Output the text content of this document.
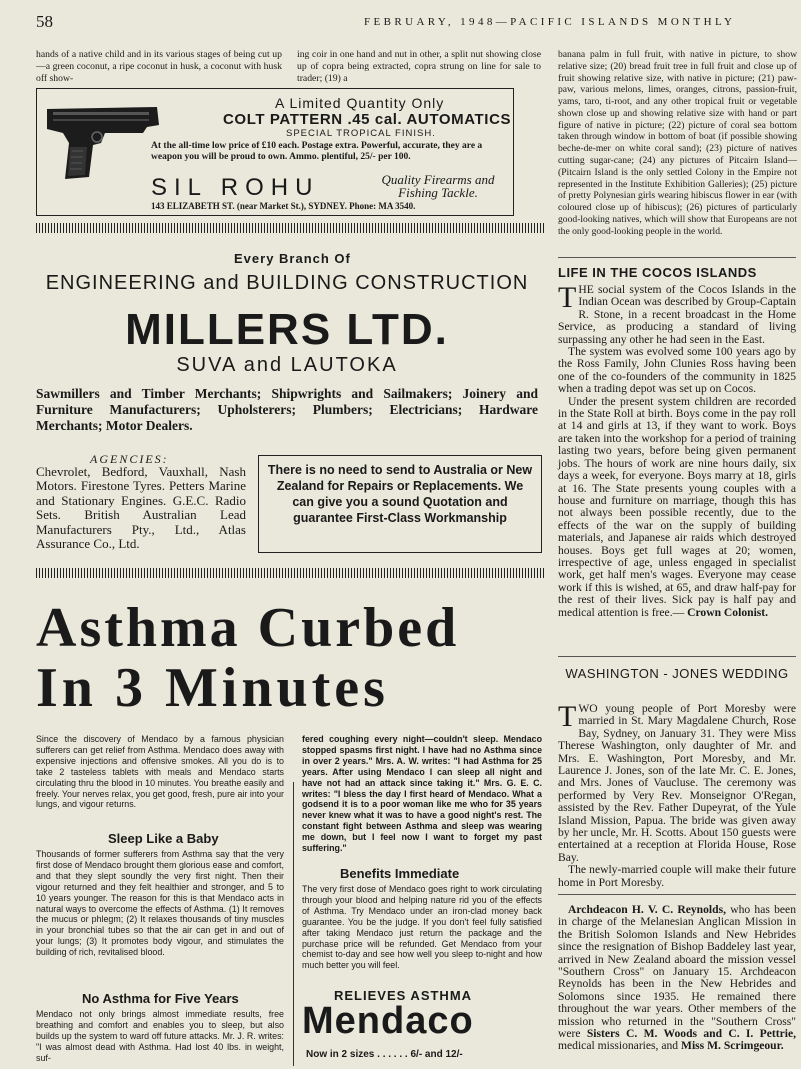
58	FEBRUARY, 1948—PACIFIC ISLANDS MONTHLY
hands of a native child and in its various stages of being cut up—a green coconut, a ripe coconut in husk, a coconut with husk off show-
ing coir in one hand and nut in other, a split nut showing close up of copra being extracted, copra strung on line for sale to trader; (19) a
banana palm in full fruit, with native in picture, to show relative size; (20) bread fruit tree in full fruit and close up of fruit showing relative size, with native in picture; (21) paw-paw, various melons, limes, oranges, citrons, passion-fruit, yams, taro, ti-root, and any other tropical fruit or vegetable shown close up and showing relative size with hand or part figure of native in picture; (22) picture of coral sea bottom taken through window in bottom of boat (if possible showing beche-de-mer on white coral sand); (23) picture of natives cutting sugar-cane; (24) any pictures of Pitcairn Island—(Pitcairn Island is the only settled Colony in the Empire not represented in the Institute Exhibition Galleries); (25) picture of pretty Polynesian girls wearing hibiscus flower in ear (with coloured close up of hibiscus); (26) pictures of particularly good-looking natives, which will show that Europeans are not the only good-looking people in the world.
A Limited Quantity Only
COLT PATTERN .45 cal. AUTOMATICS
SPECIAL TROPICAL FINISH.
At the all-time low price of £10 each. Postage extra. Powerful, accurate, they are a weapon you will be proud to own. Ammo. plentiful, 25/- per 100.
SIL ROHU	Quality Firearms and Fishing Tackle.
143 ELIZABETH ST. (near Market St.), SYDNEY. Phone: MA 3540.
Every Branch Of
ENGINEERING and BUILDING CONSTRUCTION
MILLERS LTD.
SUVA and LAUTOKA
Sawmillers and Timber Merchants; Shipwrights and Sailmakers; Joinery and Furniture Manufacturers; Upholsterers; Plumbers; Electricians; Hardware Merchants; Motor Dealers.
AGENCIES:
Chevrolet, Bedford, Vauxhall, Nash Motors. Firestone Tyres. Petters Marine and Stationary Engines. G.E.C. Radio Sets. British Australian Lead Manufacturers Pty., Ltd., Atlas Assurance Co., Ltd.
There is no need to send to Australia or New Zealand for Repairs or Replacements. We can give you a sound Quotation and guarantee First-Class Workmanship
Asthma Curbed
In 3 Minutes
Since the discovery of Mendaco by a famous physician sufferers can get relief from Asthma. Mendaco does away with expensive injections and offensive smokes. All you do is to take 2 tasteless tablets with meals and Mendaco starts circulating thru the blood in 10 minutes. You breathe easily and freely. Your nerves relax, you get good, fresh, pure air into your lungs, and vigour returns.
Sleep Like a Baby
Thousands of former sufferers from Asthma say that the very first dose of Mendaco brought them glorious ease and comfort, and that they slept soundly the very first night. Then their vigour returned and they felt healthier and stronger, and 5 to 10 years younger. The reason for this is that Mendaco acts in natural ways to overcome the effects of Asthma. (1) It removes the mucus or phlegm; (2) It relaxes thousands of tiny muscles in your bronchial tubes so that the air can get in and out of your lungs; (3) It promotes body vigour, and stimulates the building of rich, revitalised blood.
No Asthma for Five Years
Mendaco not only brings almost immediate results, free breathing and comfort and enables you to sleep, but also builds up the system to ward off future attacks. Mr. J. R. writes: "I was almost dead with Asthma. Had lost 40 lbs. in weight, suf-
fered coughing every night—couldn't sleep. Mendaco stopped spasms first night. I have had no Asthma since in over 2 years." Mrs. A. W. writes: "I had Asthma for 25 years. After using Mendaco I can sleep all night and have not had an attack since taking it." Mrs. G. E. C. writes: "I bless the day I first heard of Mendaco. What a godsend it is to a poor woman like me who for 35 years never knew what it was to have a good night's rest. The constant fight between Asthma and sleep was wearing me down, but I feel now I want to forget my past suffering."
Benefits Immediate
The very first dose of Mendaco goes right to work circulating through your blood and helping nature rid you of the effects of Asthma. Try Mendaco under an iron-clad money back guarantee. You be the judge. If you don't feel fully satisfied after taking Mendaco just return the package and the purchase price will be refunded. Get Mendaco from your chemist to-day and see how well you sleep to-night and how much better you will feel.
RELIEVES ASTHMA
Mendaco
Now in 2 sizes . . . . . . 6/- and 12/-
LIFE IN THE COCOS ISLANDS

THE social system of the Cocos Islands in the Indian Ocean was described by Group-Captain R. Stone, in a recent broadcast in the Home Service, as producing a standard of living surpassing any other he had seen in the East.

The system was evolved some 100 years ago by the Ross Family, John Clunies Ross having been one of the co-founders of the community in 1825 when a trading depot was set up on Cocos.

Under the present system children are recorded in the State Roll at birth. Boys come in the pay roll at 14 and girls at 13, if they want to work. Boys are taken into the workshop for a period of training lasting two years, before being given permanent jobs. The hours of work are nine hours daily, six days a week, for everyone. Boys marry at 18, girls at 16. The State presents young couples with a house and furniture on marriage, though this has not always been possible recently, due to the effects of the war on the supply of building materials, and Japanese air raids which destroyed houses. Boys get full wages at 20; women, irrespective of age, unless engaged in specialist work, get half men's wages. Everyone may cease work if this is wished, at 65, and draw half-pay for the rest of their lives. Sick pay is half pay and medical attention is free.— Crown Colonist.

WASHINGTON - JONES WEDDING

TWO young people of Port Moresby were married in St. Mary Magdalene Church, Rose Bay, Sydney, on January 31. They were Miss Therese Washington, only daughter of Mr. and Mrs. E. Washington, Port Moresby, and Mr. Laurence J. Jones, son of the late Mr. C. E. Jones, and Mrs. Jones of Vaucluse. The ceremony was performed by Very Rev. Monseignor O'Regan, assisted by the Rev. Father Dupeyrat, of the Yule Island Mission, Papua. The bride was given away by her uncle, Mr. H. Scotts. About 150 guests were entertained at a reception at Florida House, Rose Bay.

The newly-married couple will make their future home in Port Moresby.

Archdeacon H. V. C. Reynolds, who has been in charge of the Melanesian Anglican Mission in the British Solomon Islands and New Hebrides since the resignation of Bishop Baddeley last year, arrived in New Zealand aboard the mission vessel "Southern Cross" on January 15. Archdeacon Reynolds has been in the New Hebrides and Solomons since 1935. He remained there throughout the war years. Other members of the mission who returned in the "Southern Cross" were Sisters C. M. Woods and C. I. Pettrie, medical missionaries, and Miss M. Scrimgeour.
